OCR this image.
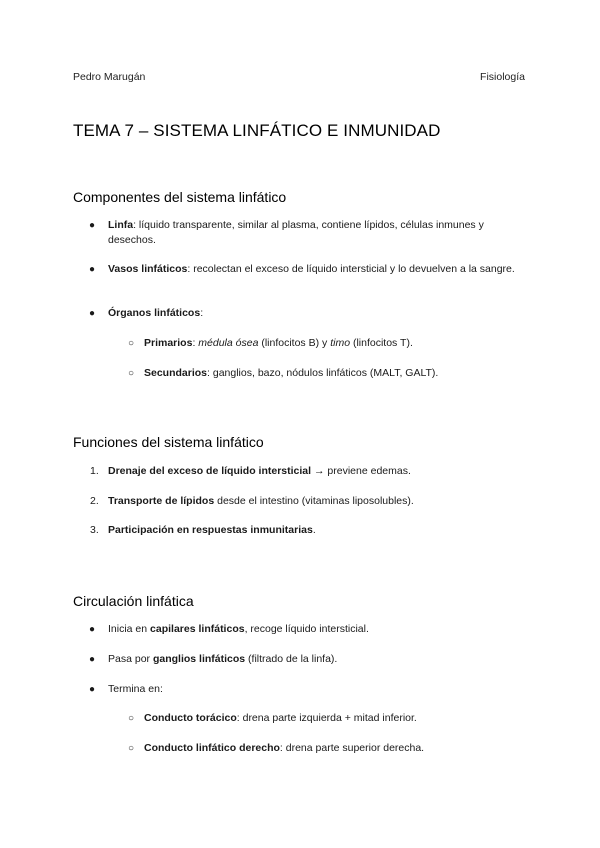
Pedro Marugán	Fisiología
TEMA 7 – SISTEMA LINFÁTICO E INMUNIDAD
Componentes del sistema linfático
● Linfa: líquido transparente, similar al plasma, contiene lípidos, células inmunes y desechos.
● Vasos linfáticos: recolectan el exceso de líquido intersticial y lo devuelven a la sangre.
● Órganos linfáticos:
○ Primarios: médula ósea (linfocitos B) y timo (linfocitos T).
○ Secundarios: ganglios, bazo, nódulos linfáticos (MALT, GALT).
Funciones del sistema linfático
1. Drenaje del exceso de líquido intersticial → previene edemas.
2. Transporte de lípidos desde el intestino (vitaminas liposolubles).
3. Participación en respuestas inmunitarias.
Circulación linfática
● Inicia en capilares linfáticos, recoge líquido intersticial.
● Pasa por ganglios linfáticos (filtrado de la linfa).
● Termina en:
○ Conducto torácico: drena parte izquierda + mitad inferior.
○ Conducto linfático derecho: drena parte superior derecha.
